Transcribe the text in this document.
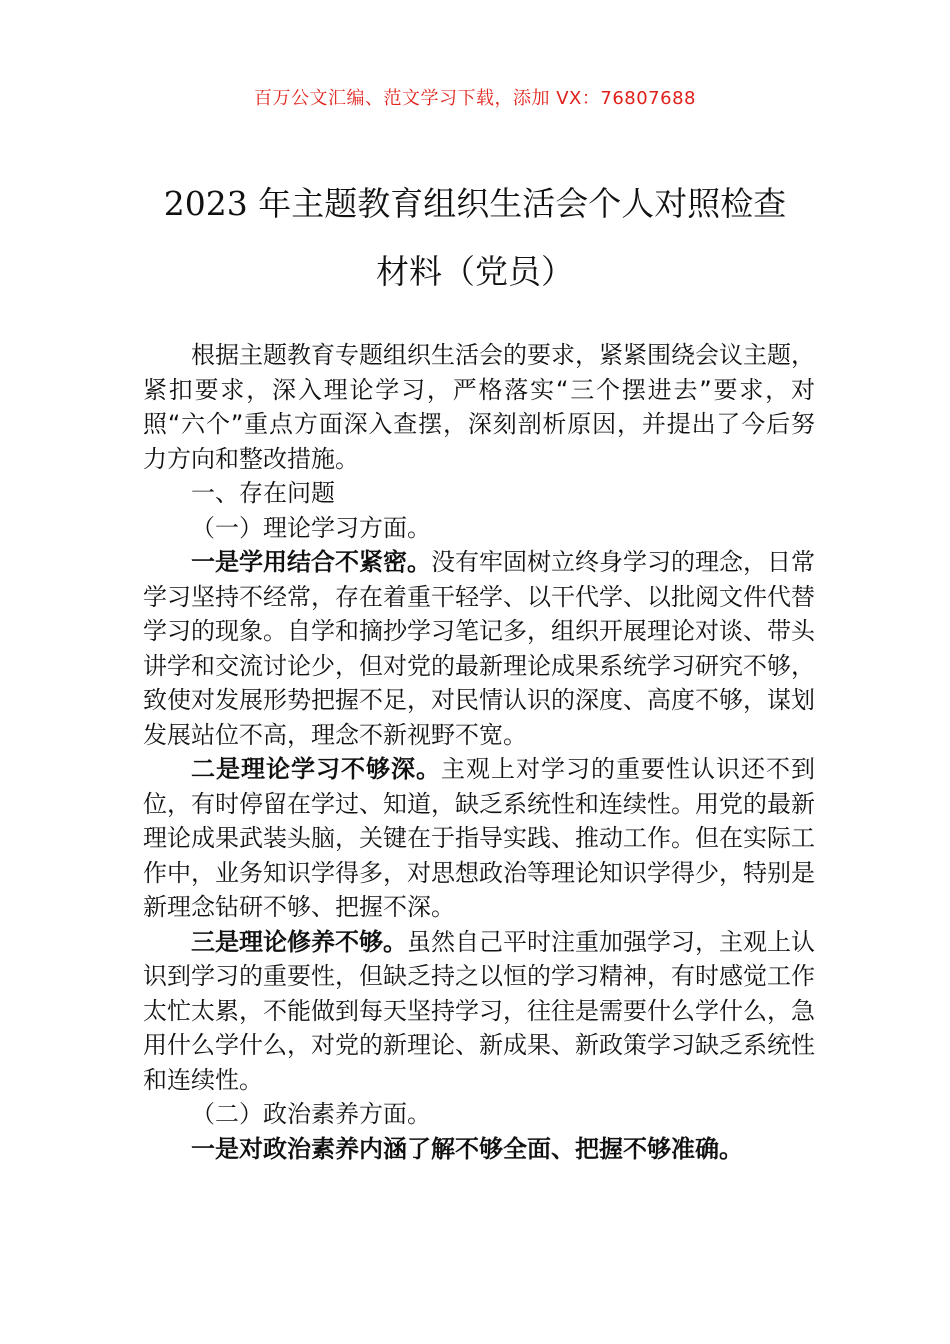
百万公文汇编、范文学习下载，添加 VX：76807688
2023 年主题教育组织生活会个人对照检查
材料（党员）

根据主题教育专题组织生活会的要求，紧紧围绕会议主题，紧扣要求，深入理论学习，严格落实“三个摆进去”要求，对照“六个”重点方面深入查摆，深刻剖析原因，并提出了今后努力方向和整改措施。

一、存在问题

（一）理论学习方面。

一是学用结合不紧密。没有牢固树立终身学习的理念，日常学习坚持不经常，存在着重干轻学、以干代学、以批阅文件代替学习的现象。自学和摘抄学习笔记多，组织开展理论对谈、带头讲学和交流讨论少，但对党的最新理论成果系统学习研究不够，致使对发展形势把握不足，对民情认识的深度、高度不够，谋划发展站位不高，理念不新视野不宽。

二是理论学习不够深。主观上对学习的重要性认识还不到位，有时停留在学过、知道，缺乏系统性和连续性。用党的最新理论成果武装头脑，关键在于指导实践、推动工作。但在实际工作中，业务知识学得多，对思想政治等理论知识学得少，特别是新理念钻研不够、把握不深。

三是理论修养不够。虽然自己平时注重加强学习，主观上认识到学习的重要性，但缺乏持之以恒的学习精神，有时感觉工作太忙太累，不能做到每天坚持学习，往往是需要什么学什么，急用什么学什么，对党的新理论、新成果、新政策学习缺乏系统性和连续性。

（二）政治素养方面。

一是对政治素养内涵了解不够全面、把握不够准确。
